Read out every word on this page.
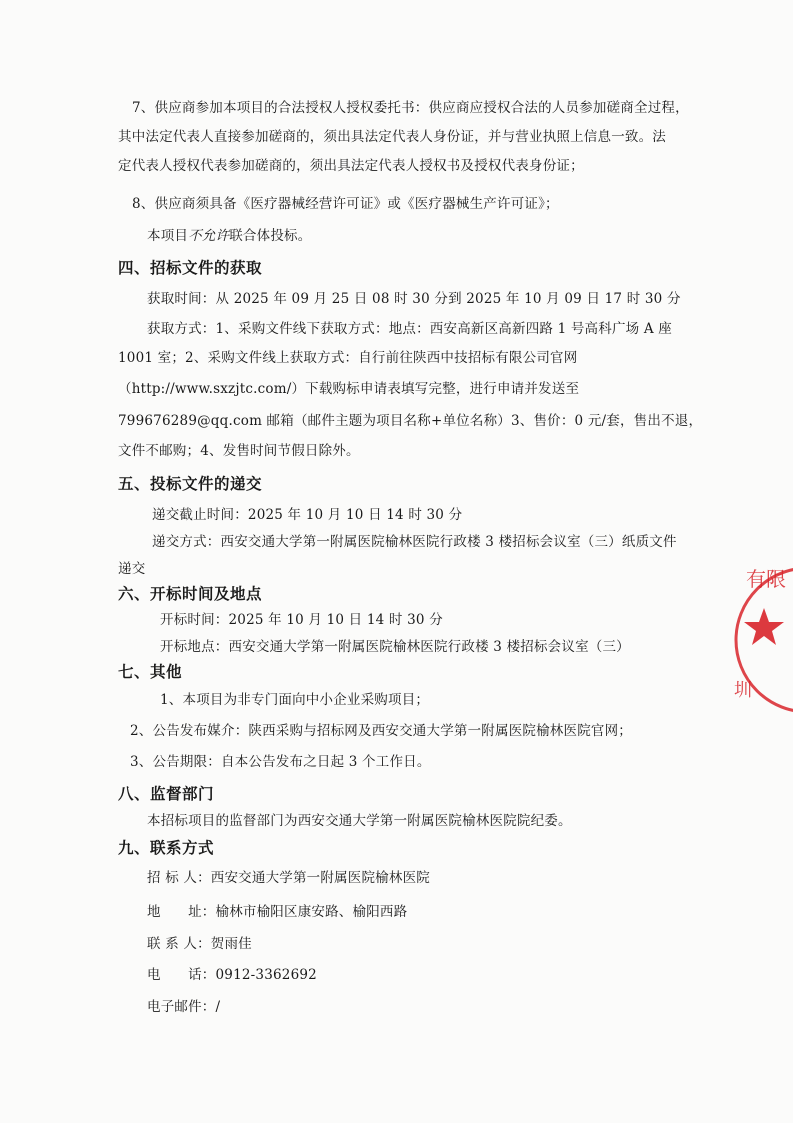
7、供应商参加本项目的合法授权人授权委托书：供应商应授权合法的人员参加磋商全过程，
其中法定代表人直接参加磋商的，须出具法定代表人身份证，并与营业执照上信息一致。法
定代表人授权代表参加磋商的，须出具法定代表人授权书及授权代表身份证；
8、供应商须具备《医疗器械经营许可证》或《医疗器械生产许可证》；
本项目不允许联合体投标。
四、招标文件的获取
获取时间：从 2025 年 09 月 25 日 08 时 30 分到 2025 年 10 月 09 日 17 时 30 分
获取方式：1、采购文件线下获取方式：地点：西安高新区高新四路 1 号高科广场 A 座
1001 室；2、采购文件线上获取方式：自行前往陕西中技招标有限公司官网
（http://www.sxzjtc.com/）下载购标申请表填写完整，进行申请并发送至
799676289@qq.com 邮箱（邮件主题为项目名称+单位名称）3、售价：0 元/套，售出不退，
文件不邮购；4、发售时间节假日除外。
五、投标文件的递交
递交截止时间：2025 年 10 月 10 日 14 时 30 分
递交方式：西安交通大学第一附属医院榆林医院行政楼 3 楼招标会议室（三）纸质文件
递交
六、开标时间及地点
开标时间：2025 年 10 月 10 日 14 时 30 分
开标地点：西安交通大学第一附属医院榆林医院行政楼 3 楼招标会议室（三）
七、其他
1、本项目为非专门面向中小企业采购项目；
2、公告发布媒介：陕西采购与招标网及西安交通大学第一附属医院榆林医院官网；
3、公告期限：自本公告发布之日起 3 个工作日。
八、监督部门
本招标项目的监督部门为西安交通大学第一附属医院榆林医院院纪委。
九、联系方式
招 标 人：西安交通大学第一附属医院榆林医院
地　　址：榆林市榆阳区康安路、榆阳西路
联 系 人：贺雨佳
电　　话：0912-3362692
电子邮件：/
有限
圳
